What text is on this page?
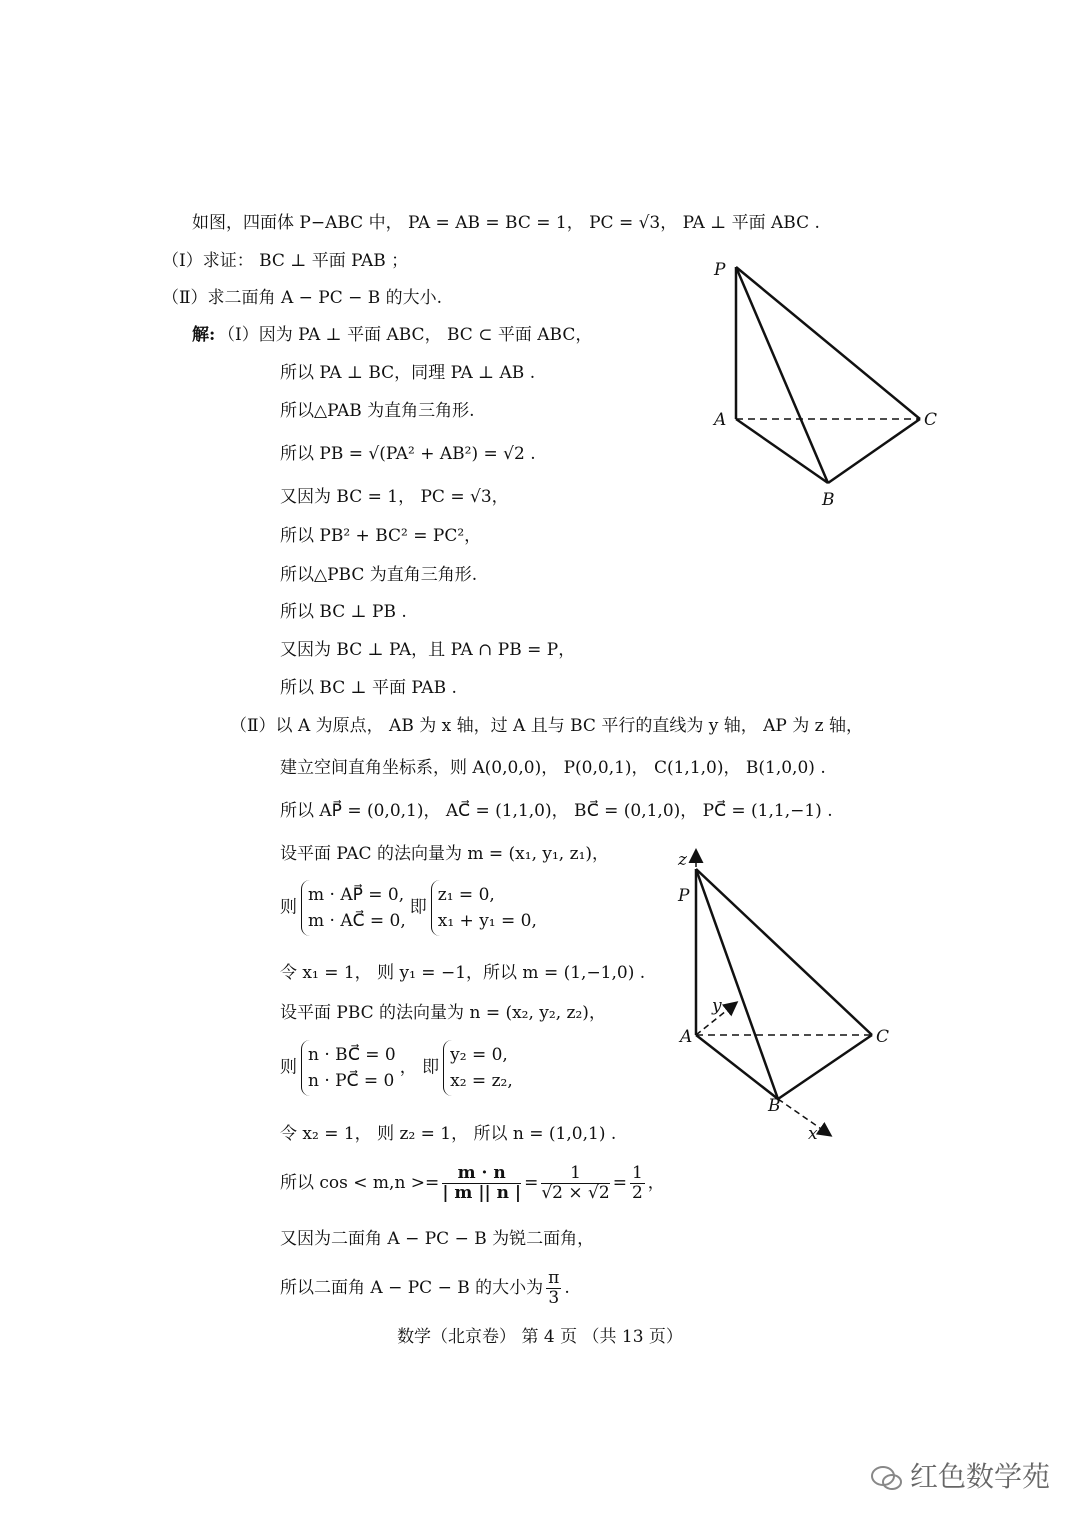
如图，四面体 P−ABC 中， PA = AB = BC = 1， PC = √3， PA ⊥ 平面 ABC .
（Ⅰ）求证： BC ⊥ 平面 PAB ；
（Ⅱ）求二面角 A − PC − B 的大小.
解: （Ⅰ）因为 PA ⊥ 平面 ABC， BC ⊂ 平面 ABC，
所以 PA ⊥ BC，同理 PA ⊥ AB .
所以△PAB 为直角三角形.
所以 PB = √(PA² + AB²) = √2 .
又因为 BC = 1， PC = √3，
所以 PB² + BC² = PC²，
所以△PBC 为直角三角形.
所以 BC ⊥ PB .
又因为 BC ⊥ PA，且 PA ∩ PB = P，
所以 BC ⊥ 平面 PAB .
（Ⅱ）以 A 为原点， AB 为 x 轴，过 A 且与 BC 平行的直线为 y 轴， AP 为 z 轴，
建立空间直角坐标系，则 A(0,0,0)， P(0,0,1)， C(1,1,0)， B(1,0,0) .
所以 AP⃗ = (0,0,1)， AC⃗ = (1,1,0)， BC⃗ = (0,1,0)， PC⃗ = (1,1,−1) .
设平面 PAC 的法向量为 m = (x₁, y₁, z₁)，
则
m · AP⃗ = 0,
m · AC⃗ = 0,
即
z₁ = 0,
x₁ + y₁ = 0,
令 x₁ = 1， 则 y₁ = −1，所以 m = (1,−1,0) .
设平面 PBC 的法向量为 n = (x₂, y₂, z₂)，
则
n · BC⃗ = 0
n · PC⃗ = 0
， 即
y₂ = 0,
x₂ = z₂,
令 x₂ = 1， 则 z₂ = 1， 所以 n = (1,0,1) .
所以 $\cos < m,n >= \frac{m \cdot n}{| m || n |} = \frac{1}{√2 \times √2} = \frac{1}{2}$ ，
又因为二面角 A − PC − B 为锐二面角，
所以二面角 A − PC − B 的大小为 $\frac{\pi}{3}$ .
P
A
B
C
z
P
A
y
B
C
x
数学（北京卷） 第 4 页 （共 13 页）
红色数学苑
